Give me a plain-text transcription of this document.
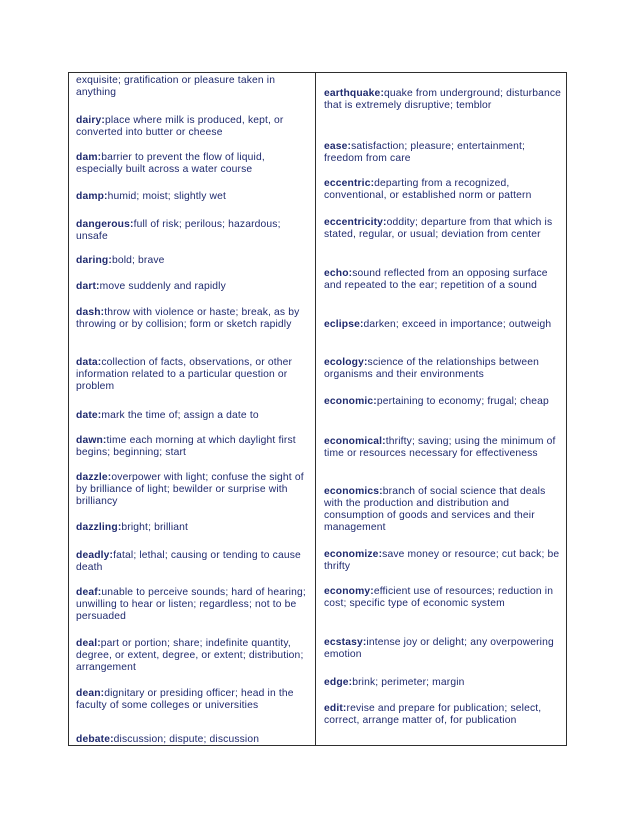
exquisite; gratification or pleasure taken in anything
dairy:place where milk is produced, kept, or converted into butter or cheese
dam:barrier to prevent the flow of liquid, especially built across a water course
damp:humid; moist; slightly wet
dangerous:full of risk; perilous; hazardous; unsafe
daring:bold; brave
dart:move suddenly and rapidly
dash:throw with violence or haste; break, as by throwing or by collision; form or sketch rapidly
data:collection of facts, observations, or other information related to a particular question or problem
date:mark the time of; assign a date to
dawn:time each morning at which daylight first begins; beginning; start
dazzle:overpower with light; confuse the sight of by brilliance of light; bewilder or surprise with brilliancy
dazzling:bright; brilliant
deadly:fatal; lethal; causing or tending to cause death
deaf:unable to perceive sounds; hard of hearing; unwilling to hear or listen; regardless; not to be persuaded
deal:part or portion; share; indefinite quantity, degree, or extent, degree, or extent; distribution; arrangement
dean:dignitary or presiding officer; head in the faculty of some colleges or universities
debate:discussion; dispute; discussion
earthquake:quake from underground; disturbance that is extremely disruptive; temblor
ease:satisfaction; pleasure; entertainment; freedom from care
eccentric:departing from a recognized, conventional, or established norm or pattern
eccentricity:oddity; departure from that which is stated, regular, or usual; deviation from center
echo:sound reflected from an opposing surface and repeated to the ear; repetition of a sound
eclipse:darken; exceed in importance; outweigh
ecology:science of the relationships between organisms and their environments
economic:pertaining to economy; frugal; cheap
economical:thrifty; saving; using the minimum of time or resources necessary for effectiveness
economics:branch of social science that deals with the production and distribution and consumption of goods and services and their management
economize:save money or resource; cut back; be thrifty
economy:efficient use of resources; reduction in cost; specific type of economic system
ecstasy:intense joy or delight; any overpowering emotion
edge:brink; perimeter; margin
edit:revise and prepare for publication; select, correct, arrange matter of, for publication
